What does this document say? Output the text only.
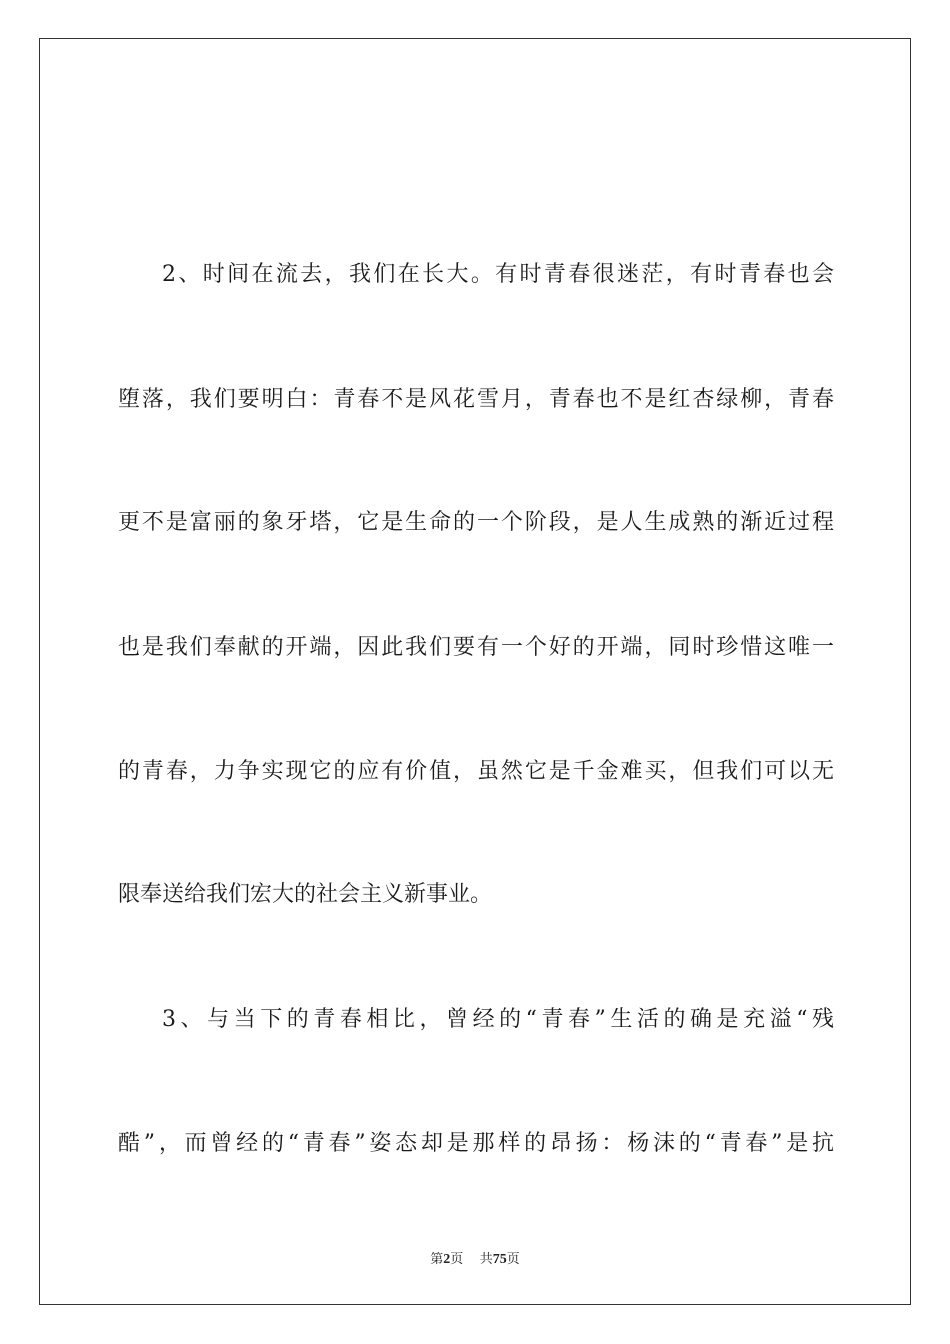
2、时间在流去，我们在长大。有时青春很迷茫，有时青春也会
堕落，我们要明白：青春不是风花雪月，青春也不是红杏绿柳，青春
更不是富丽的象牙塔，它是生命的一个阶段，是人生成熟的渐近过程
也是我们奉献的开端，因此我们要有一个好的开端，同时珍惜这唯一
的青春，力争实现它的应有价值，虽然它是千金难买，但我们可以无
限奉送给我们宏大的社会主义新事业。
3、与当下的青春相比，曾经的“青春”生活的确是充溢“残
酷”，而曾经的“青春”姿态却是那样的昂扬：杨沫的“青春”是抗
第2页 共75页
